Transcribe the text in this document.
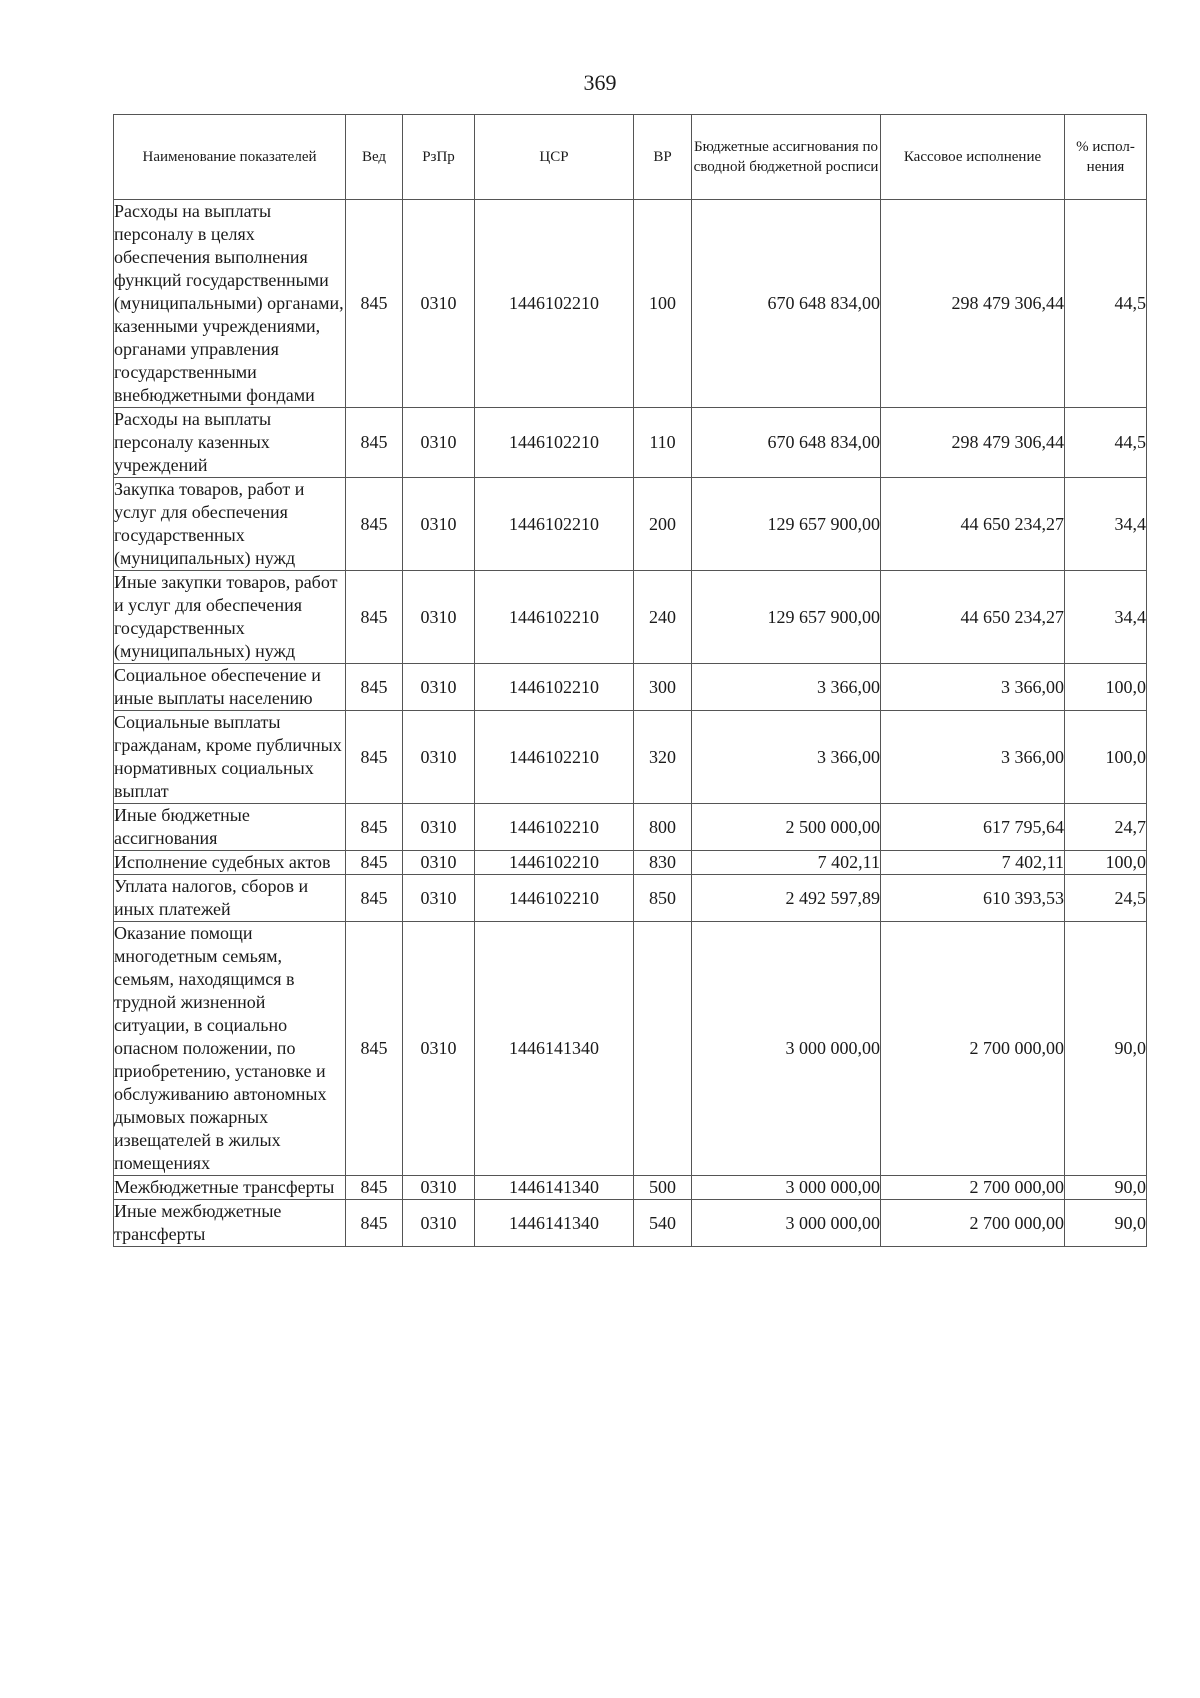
369
Наименование показателей	Вед	РзПр	ЦСР	ВР	Бюджетные ассигнования по сводной бюджетной росписи	Кассовое исполнение	% испол-нения
Расходы на выплаты персоналу в целях обеспечения выполнения функций государственными (муниципальными) органами, казенными учреждениями, органами управления государственными внебюджетными фондами	845	0310	1446102210	100	670 648 834,00	298 479 306,44	44,5
Расходы на выплаты персоналу казенных учреждений	845	0310	1446102210	110	670 648 834,00	298 479 306,44	44,5
Закупка товаров, работ и услуг для обеспечения государственных (муниципальных) нужд	845	0310	1446102210	200	129 657 900,00	44 650 234,27	34,4
Иные закупки товаров, работ и услуг для обеспечения государственных (муниципальных) нужд	845	0310	1446102210	240	129 657 900,00	44 650 234,27	34,4
Социальное обеспечение и иные выплаты населению	845	0310	1446102210	300	3 366,00	3 366,00	100,0
Социальные выплаты гражданам, кроме публичных нормативных социальных выплат	845	0310	1446102210	320	3 366,00	3 366,00	100,0
Иные бюджетные ассигнования	845	0310	1446102210	800	2 500 000,00	617 795,64	24,7
Исполнение судебных актов	845	0310	1446102210	830	7 402,11	7 402,11	100,0
Уплата налогов, сборов и иных платежей	845	0310	1446102210	850	2 492 597,89	610 393,53	24,5
Оказание помощи многодетным семьям, семьям, находящимся в трудной жизненной ситуации, в социально опасном положении, по приобретению, установке и обслуживанию автономных дымовых пожарных извещателей в жилых помещениях	845	0310	1446141340		3 000 000,00	2 700 000,00	90,0
Межбюджетные трансферты	845	0310	1446141340	500	3 000 000,00	2 700 000,00	90,0
Иные межбюджетные трансферты	845	0310	1446141340	540	3 000 000,00	2 700 000,00	90,0
